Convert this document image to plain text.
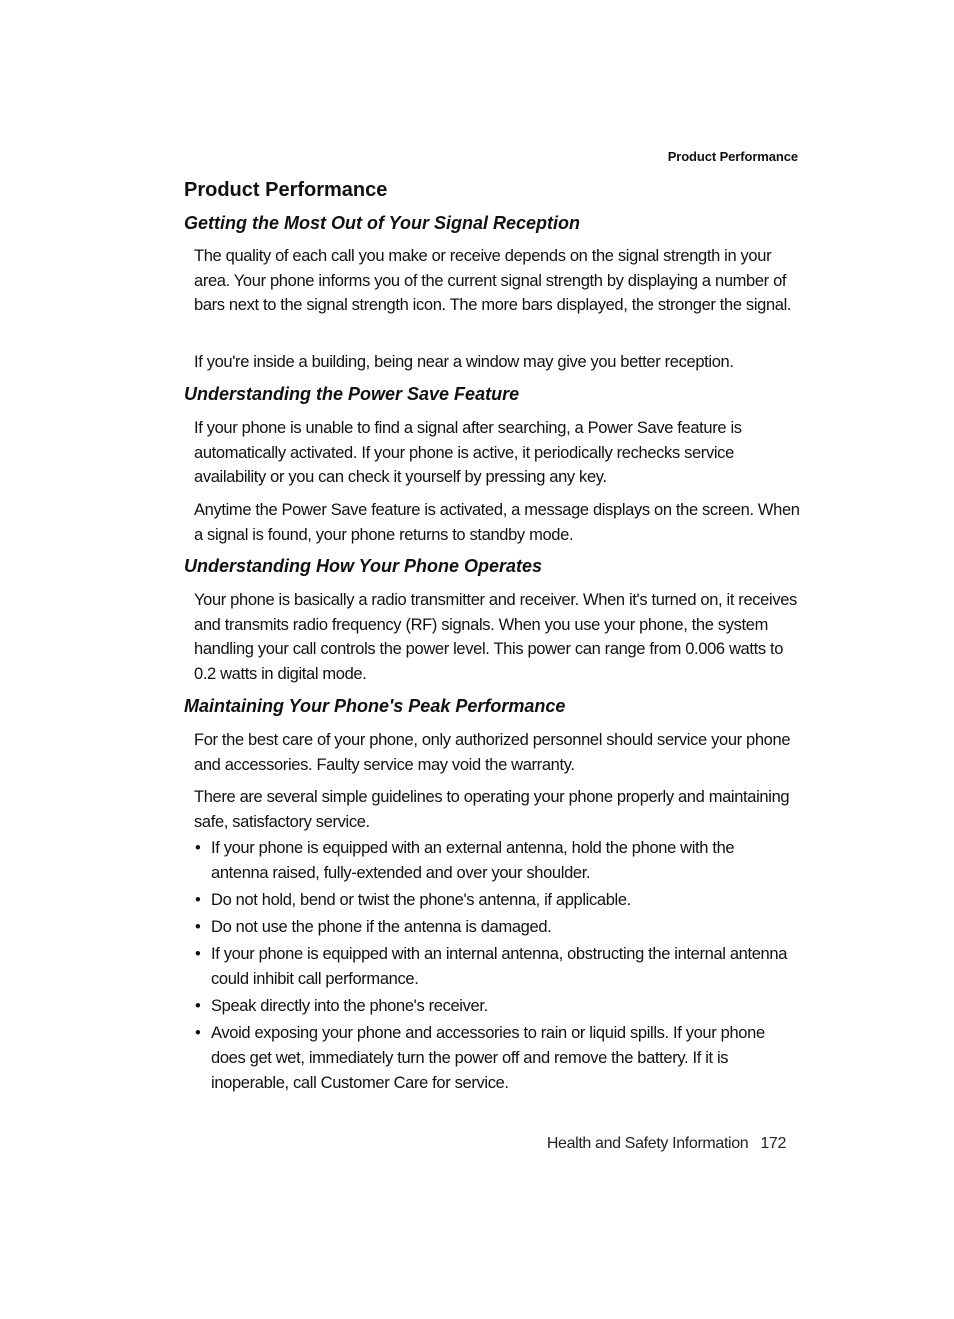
Product Performance
Product Performance
Getting the Most Out of Your Signal Reception

The quality of each call you make or receive depends on the signal strength in your area. Your phone informs you of the current signal strength by displaying a number of bars next to the signal strength icon. The more bars displayed, the stronger the signal.

If you're inside a building, being near a window may give you better reception.

Understanding the Power Save Feature

If your phone is unable to find a signal after searching, a Power Save feature is automatically activated. If your phone is active, it periodically rechecks service availability or you can check it yourself by pressing any key.

Anytime the Power Save feature is activated, a message displays on the screen. When a signal is found, your phone returns to standby mode.

Understanding How Your Phone Operates

Your phone is basically a radio transmitter and receiver. When it's turned on, it receives and transmits radio frequency (RF) signals. When you use your phone, the system handling your call controls the power level. This power can range from 0.006 watts to 0.2 watts in digital mode.

Maintaining Your Phone's Peak Performance

For the best care of your phone, only authorized personnel should service your phone and accessories. Faulty service may void the warranty.

There are several simple guidelines to operating your phone properly and maintaining safe, satisfactory service.

• If your phone is equipped with an external antenna, hold the phone with the antenna raised, fully-extended and over your shoulder.
• Do not hold, bend or twist the phone's antenna, if applicable.
• Do not use the phone if the antenna is damaged.
• If your phone is equipped with an internal antenna, obstructing the internal antenna could inhibit call performance.
• Speak directly into the phone's receiver.
• Avoid exposing your phone and accessories to rain or liquid spills. If your phone does get wet, immediately turn the power off and remove the battery. If it is inoperable, call Customer Care for service.
Health and Safety Information 172
